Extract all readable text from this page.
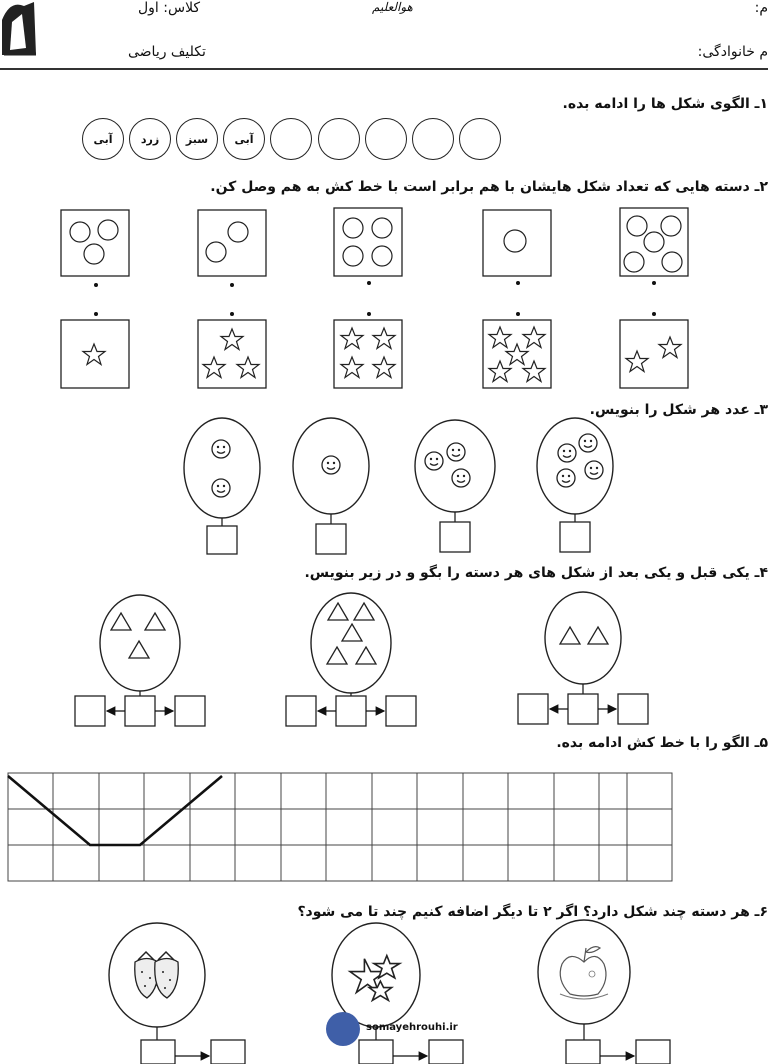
کلاس: اول	هوالعلیم	م:
تکلیف ریاضی	م خانوادگی:
۱ـ الگوی شکل ها را ادامه بده.
۲ـ دسته هایی که تعداد شکل هایشان با هم برابر است با خط کش به هم وصل کن.
۳ـ عدد هر شکل را بنویس.
۴ـ یکی قبل و یکی بعد از شکل های هر دسته را بگو و در زیر بنویس.
۵ـ الگو را با خط کش ادامه بده.
۶ـ هر دسته چند شکل دارد؟ اگر ۲ تا دیگر اضافه کنیم چند تا می شود؟
آبی	زرد سبز آبی
somayehrouhi.ir
